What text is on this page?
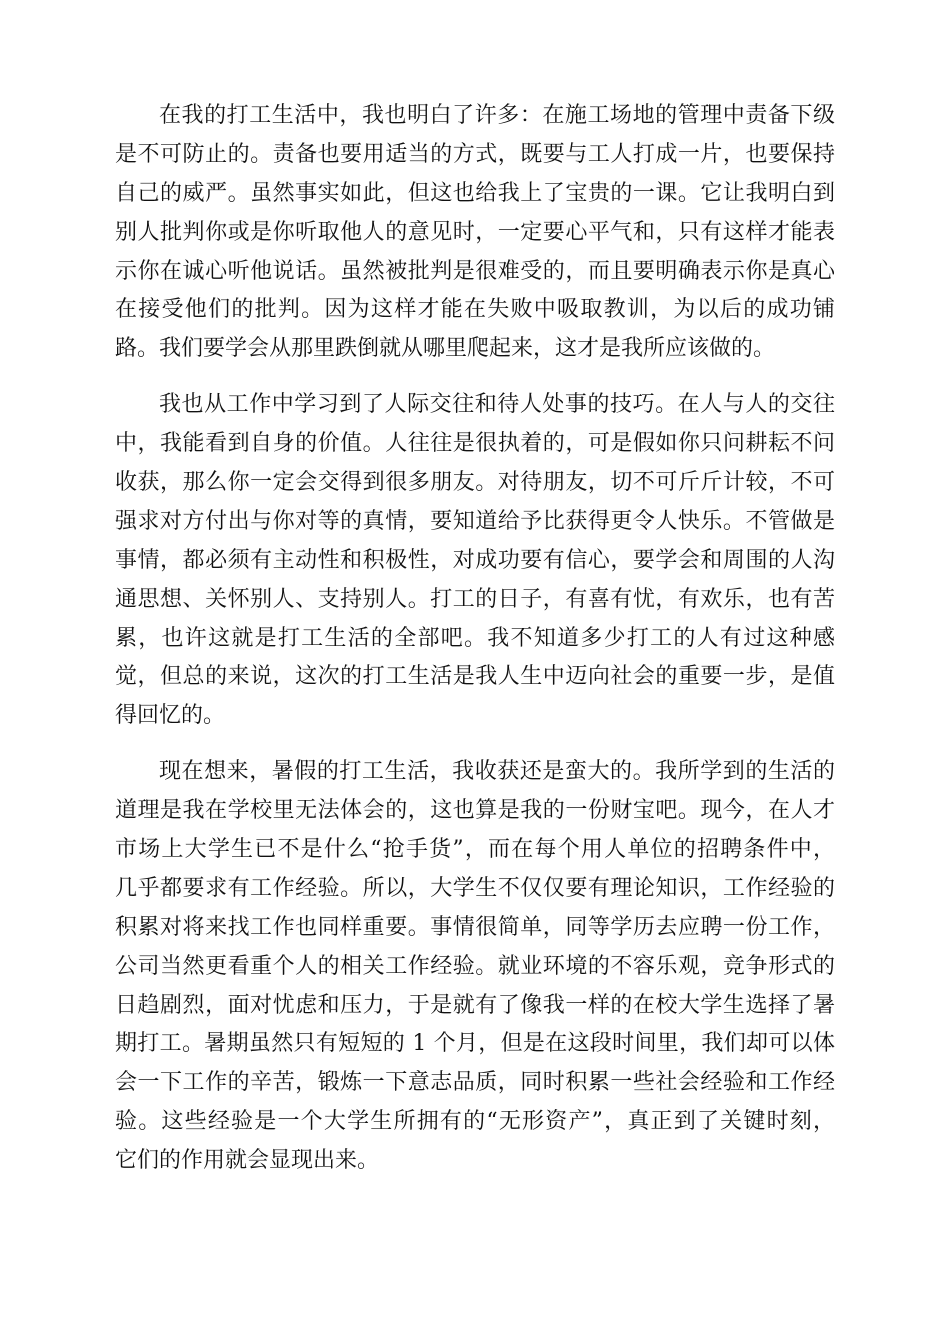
在我的打工生活中，我也明白了许多：在施工场地的管理中责备下级
是不可防止的。责备也要用适当的方式，既要与工人打成一片，也要保持
自己的威严。虽然事实如此，但这也给我上了宝贵的一课。它让我明白到
别人批判你或是你听取他人的意见时，一定要心平气和，只有这样才能表
示你在诚心听他说话。虽然被批判是很难受的，而且要明确表示你是真心
在接受他们的批判。因为这样才能在失败中吸取教训，为以后的成功铺
路。我们要学会从那里跌倒就从哪里爬起来，这才是我所应该做的。
我也从工作中学习到了人际交往和待人处事的技巧。在人与人的交往
中，我能看到自身的价值。人往往是很执着的，可是假如你只问耕耘不问
收获，那么你一定会交得到很多朋友。对待朋友，切不可斤斤计较，不可
强求对方付出与你对等的真情，要知道给予比获得更令人快乐。不管做是
事情，都必须有主动性和积极性，对成功要有信心，要学会和周围的人沟
通思想、关怀别人、支持别人。打工的日子，有喜有忧，有欢乐，也有苦
累，也许这就是打工生活的全部吧。我不知道多少打工的人有过这种感
觉，但总的来说，这次的打工生活是我人生中迈向社会的重要一步，是值
得回忆的。
现在想来，暑假的打工生活，我收获还是蛮大的。我所学到的生活的
道理是我在学校里无法体会的，这也算是我的一份财宝吧。现今，在人才
市场上大学生已不是什么“抢手货”，而在每个用人单位的招聘条件中，
几乎都要求有工作经验。所以，大学生不仅仅要有理论知识，工作经验的
积累对将来找工作也同样重要。事情很简单，同等学历去应聘一份工作，
公司当然更看重个人的相关工作经验。就业环境的不容乐观，竞争形式的
日趋剧烈，面对忧虑和压力，于是就有了像我一样的在校大学生选择了暑
期打工。暑期虽然只有短短的 1 个月，但是在这段时间里，我们却可以体
会一下工作的辛苦，锻炼一下意志品质，同时积累一些社会经验和工作经
验。这些经验是一个大学生所拥有的“无形资产”，真正到了关键时刻，
它们的作用就会显现出来。
